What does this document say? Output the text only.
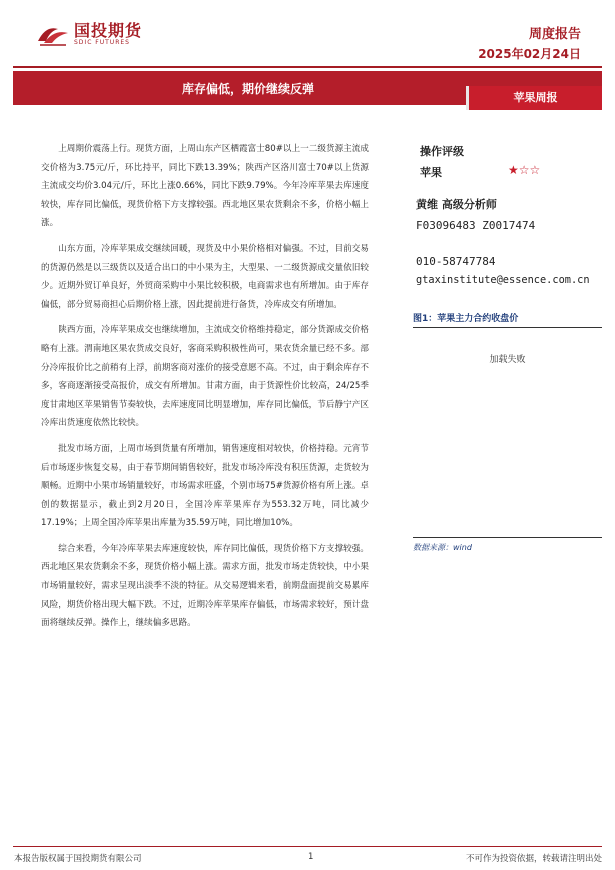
国投期货
SDIC FUTURES
周度报告
2025年02月24日
库存偏低，期价继续反弹
苹果周报

上周期价震荡上行。现货方面，上周山东产区栖霞富士80#以上一二级货源主流成交价格为3.75元/斤，环比持平，同比下跌13.39%；陕西产区洛川富士70#以上货源主流成交均价3.04元/斤，环比上涨0.66%，同比下跌9.79%。今年冷库苹果去库速度较快，库存同比偏低，现货价格下方支撑较强。西北地区果农货剩余不多，价格小幅上涨。

山东方面，冷库苹果成交继续回暖，现货及中小果价格相对偏强。不过，目前交易的货源仍然是以三级货以及适合出口的中小果为主，大型果、一二级货源成交量依旧较少。近期外贸订单良好，外贸商采购中小果比较积极，电商需求也有所增加。由于库存偏低，部分贸易商担心后期价格上涨，因此提前进行备货，冷库成交有所增加。

陕西方面，冷库苹果成交也继续增加，主流成交价格维持稳定，部分货源成交价格略有上涨。渭南地区果农货成交良好，客商采购积极性尚可，果农货余量已经不多。部分冷库报价比之前稍有上浮，前期客商对涨价的接受意愿不高。不过，由于剩余库存不多，客商逐渐接受高报价，成交有所增加。甘肃方面，由于货源性价比较高，24/25季度甘肃地区苹果销售节奏较快，去库速度同比明显增加，库存同比偏低，节后静宁产区冷库出货速度依然比较快。

批发市场方面，上周市场到货量有所增加，销售速度相对较快，价格持稳。元宵节后市场逐步恢复交易，由于春节期间销售较好，批发市场冷库没有积压货源，走货较为顺畅。近期中小果市场销量较好，市场需求旺盛，个别市场75#货源价格有所上涨。卓创的数据显示，截止到2月20日，全国冷库苹果库存为553.32万吨，同比减少17.19%；上周全国冷库苹果出库量为35.59万吨，同比增加10%。

综合来看，今年冷库苹果去库速度较快，库存同比偏低，现货价格下方支撑较强。西北地区果农货剩余不多，现货价格小幅上涨。需求方面，批发市场走货较快，中小果市场销量较好，需求呈现出淡季不淡的特征。从交易逻辑来看，前期盘面提前交易累库风险，期货价格出现大幅下跌。不过，近期冷库苹果库存偏低，市场需求较好，预计盘面将继续反弹。操作上，继续偏多思路。

操作评级
苹果	★☆☆
黄维 高级分析师
F03096483 Z0017474
010-58747784
gtaxinstitute@essence.com.cn
图1：苹果主力合约收盘价
加载失败
数据来源：wind
本报告版权属于国投期货有限公司	1	不可作为投资依据，转载请注明出处
